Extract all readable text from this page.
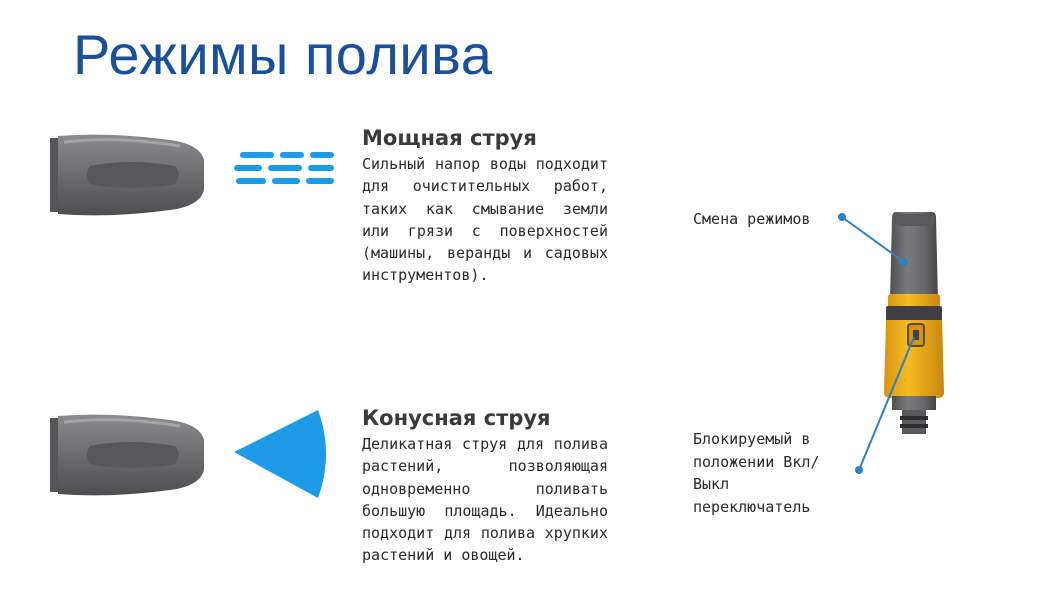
Режимы полива
Мощная струя

Сильный напор воды подходит для очистительных работ, таких как смывание земли или грязи с поверхностей (машины, веранды и садовых инструментов).

Конусная струя

Деликатная струя для полива растений, позволяющая одновременно поливать большую площадь. Идеально подходит для полива хрупких растений и овощей.

Смена режимов

Блокируемый в положении Вкл/Выкл переключатель
